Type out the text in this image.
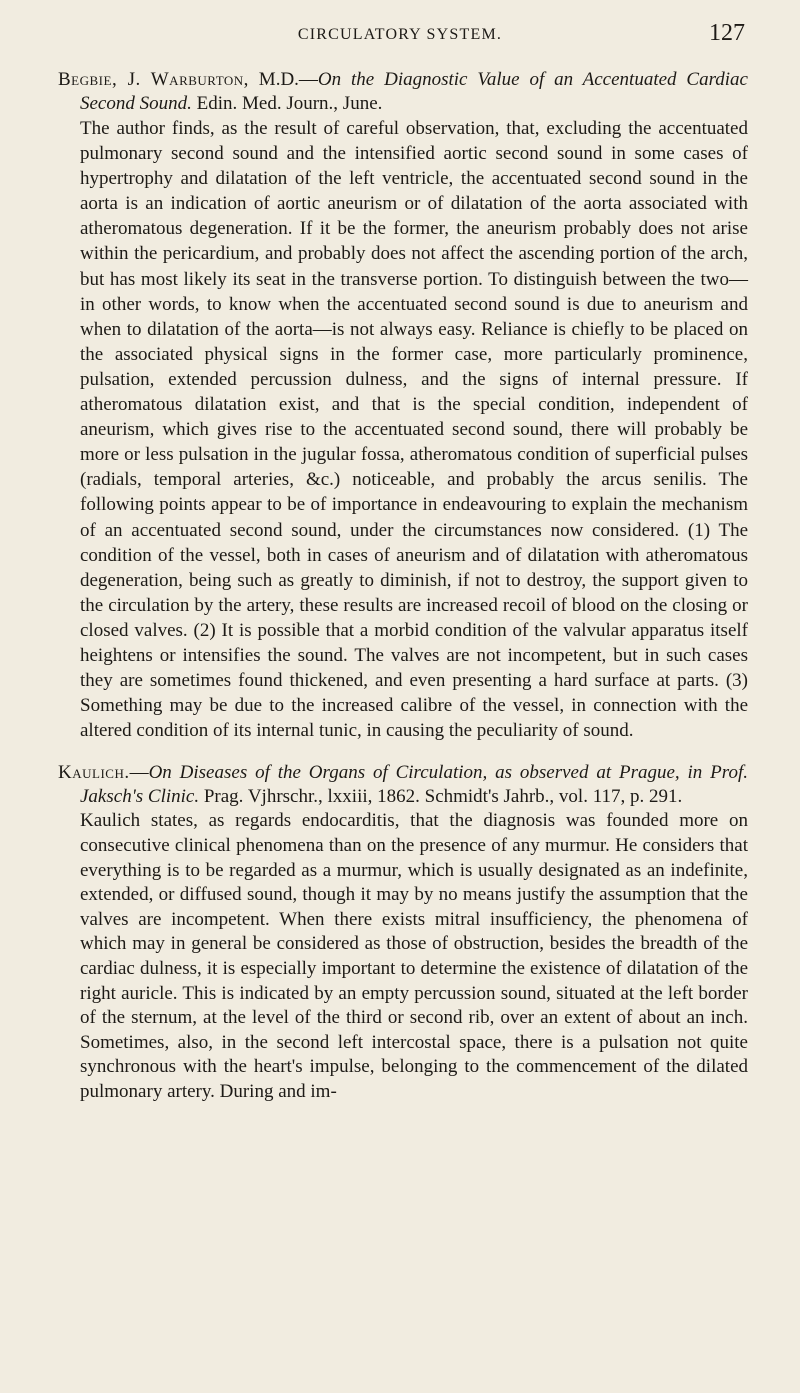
CIRCULATORY SYSTEM.	127

Begbie, J. Warburton, M.D.—On the Diagnostic Value of an Accentuated Cardiac Second Sound. Edin. Med. Journ., June.

The author finds, as the result of careful observation, that, excluding the accentuated pulmonary second sound and the intensified aortic second sound in some cases of hypertrophy and dilatation of the left ventricle, the accentuated second sound in the aorta is an indication of aortic aneurism or of dilatation of the aorta associated with atheromatous degeneration. If it be the former, the aneurism probably does not arise within the pericardium, and probably does not affect the ascending portion of the arch, but has most likely its seat in the transverse portion. To distinguish between the two—in other words, to know when the accentuated second sound is due to aneurism and when to dilatation of the aorta—is not always easy. Reliance is chiefly to be placed on the associated physical signs in the former case, more particularly prominence, pulsation, extended percussion dulness, and the signs of internal pressure. If atheromatous dilatation exist, and that is the special condition, independent of aneurism, which gives rise to the accentuated second sound, there will probably be more or less pulsation in the jugular fossa, atheromatous condition of superficial pulses (radials, temporal arteries, &c.) noticeable, and probably the arcus senilis. The following points appear to be of importance in endeavouring to explain the mechanism of an accentuated second sound, under the circumstances now considered. (1) The condition of the vessel, both in cases of aneurism and of dilatation with atheromatous degeneration, being such as greatly to diminish, if not to destroy, the support given to the circulation by the artery, these results are increased recoil of blood on the closing or closed valves. (2) It is possible that a morbid condition of the valvular apparatus itself heightens or intensifies the sound. The valves are not incompetent, but in such cases they are sometimes found thickened, and even presenting a hard surface at parts. (3) Something may be due to the increased calibre of the vessel, in connection with the altered condition of its internal tunic, in causing the peculiarity of sound.

Kaulich.—On Diseases of the Organs of Circulation, as observed at Prague, in Prof. Jaksch's Clinic. Prag. Vjhrschr., lxxiii, 1862. Schmidt's Jahrb., vol. 117, p. 291.

Kaulich states, as regards endocarditis, that the diagnosis was founded more on consecutive clinical phenomena than on the presence of any murmur. He considers that everything is to be regarded as a murmur, which is usually designated as an indefinite, extended, or diffused sound, though it may by no means justify the assumption that the valves are incompetent. When there exists mitral insufficiency, the phenomena of which may in general be considered as those of obstruction, besides the breadth of the cardiac dulness, it is especially important to determine the existence of dilatation of the right auricle. This is indicated by an empty percussion sound, situated at the left border of the sternum, at the level of the third or second rib, over an extent of about an inch. Sometimes, also, in the second left intercostal space, there is a pulsation not quite synchronous with the heart's impulse, belonging to the commencement of the dilated pulmonary artery. During and im-
